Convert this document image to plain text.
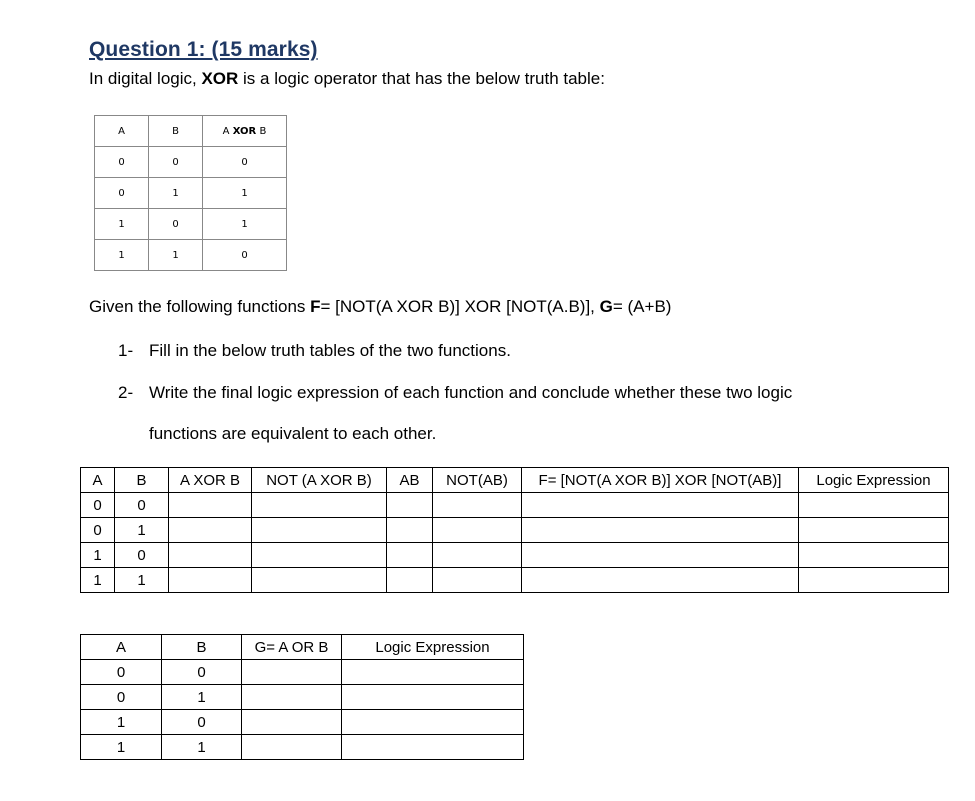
Question 1: (15 marks)
In digital logic, XOR is a logic operator that has the below truth table:
A	B	A XOR B
0	0	0
0	1	1
1	0	1
1	1	0
Given the following functions F= [NOT(A XOR B)] XOR [NOT(A.B)], G= (A+B)
1- Fill in the below truth tables of the two functions.
2- Write the final logic expression of each function and conclude whether these two logic
functions are equivalent to each other.
A	B	A XOR B	NOT (A XOR B)	AB	NOT(AB)	F= [NOT(A XOR B)] XOR [NOT(AB)]	Logic Expression
0	0						
0	1						
1	0						
1	1						
A	B	G= A OR B	Logic Expression
0	0		
0	1		
1	0		
1	1		
